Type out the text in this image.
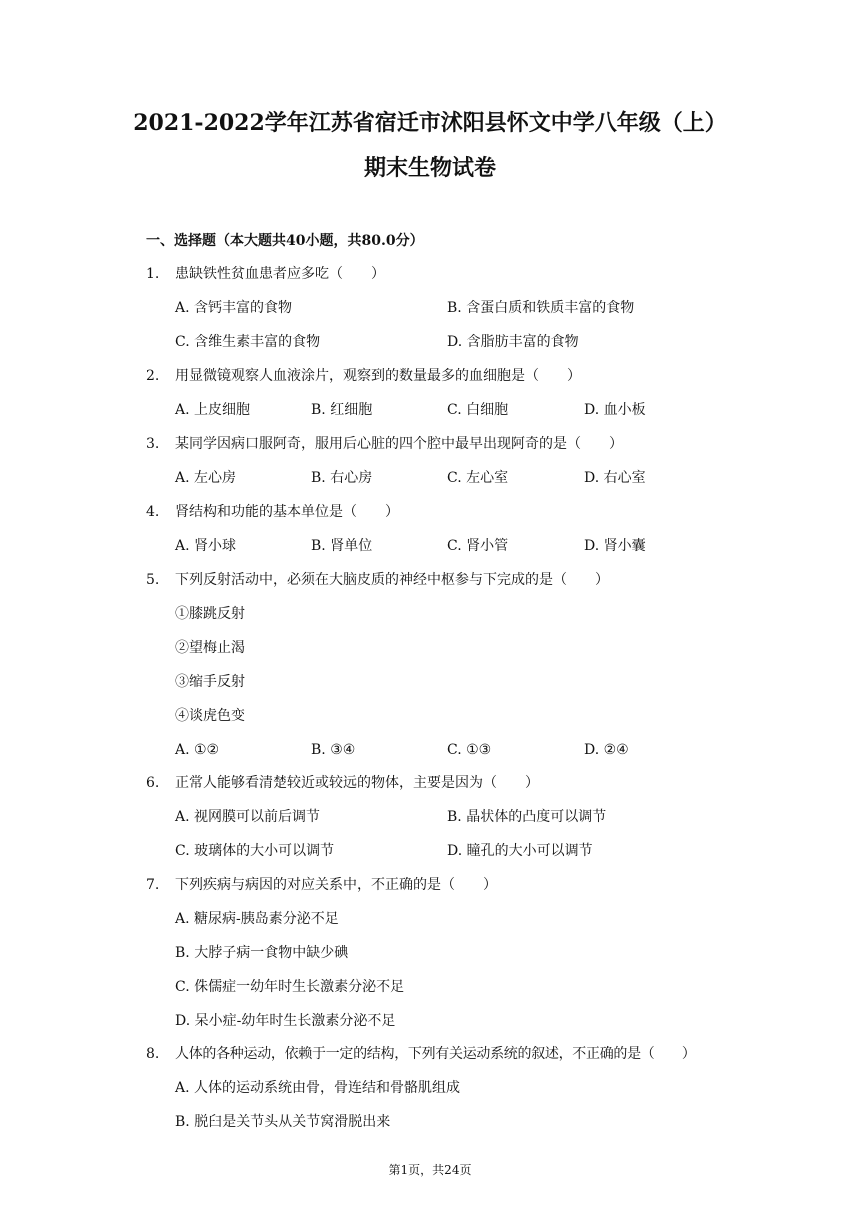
2021-2022学年江苏省宿迁市沭阳县怀文中学八年级（上）
期末生物试卷
一、选择题（本大题共40小题，共80.0分）
1. 患缺铁性贫血患者应多吃（　　）
A. 含钙丰富的食物	B. 含蛋白质和铁质丰富的食物
C. 含维生素丰富的食物	D. 含脂肪丰富的食物
2. 用显微镜观察人血液涂片，观察到的数量最多的血细胞是（　　）
A. 上皮细胞	B. 红细胞	C. 白细胞	D. 血小板
3. 某同学因病口服阿奇，服用后心脏的四个腔中最早出现阿奇的是（　　）
A. 左心房	B. 右心房	C. 左心室	D. 右心室
4. 肾结构和功能的基本单位是（　　）
A. 肾小球	B. 肾单位	C. 肾小管	D. 肾小囊
5. 下列反射活动中，必须在大脑皮质的神经中枢参与下完成的是（　　）
①膝跳反射
②望梅止渴
③缩手反射
④谈虎色变
A. ①②	B. ③④	C. ①③	D. ②④
6. 正常人能够看清楚较近或较远的物体，主要是因为（　　）
A. 视网膜可以前后调节	B. 晶状体的凸度可以调节
C. 玻璃体的大小可以调节	D. 瞳孔的大小可以调节
7. 下列疾病与病因的对应关系中，不正确的是（　　）
A. 糖尿病-胰岛素分泌不足
B. 大脖子病一食物中缺少碘
C. 侏儒症一幼年时生长激素分泌不足
D. 呆小症-幼年时生长激素分泌不足
8. 人体的各种运动，依赖于一定的结构，下列有关运动系统的叙述，不正确的是（　　）
A. 人体的运动系统由骨，骨连结和骨骼肌组成
B. 脱臼是关节头从关节窝滑脱出来
第1页，共24页
